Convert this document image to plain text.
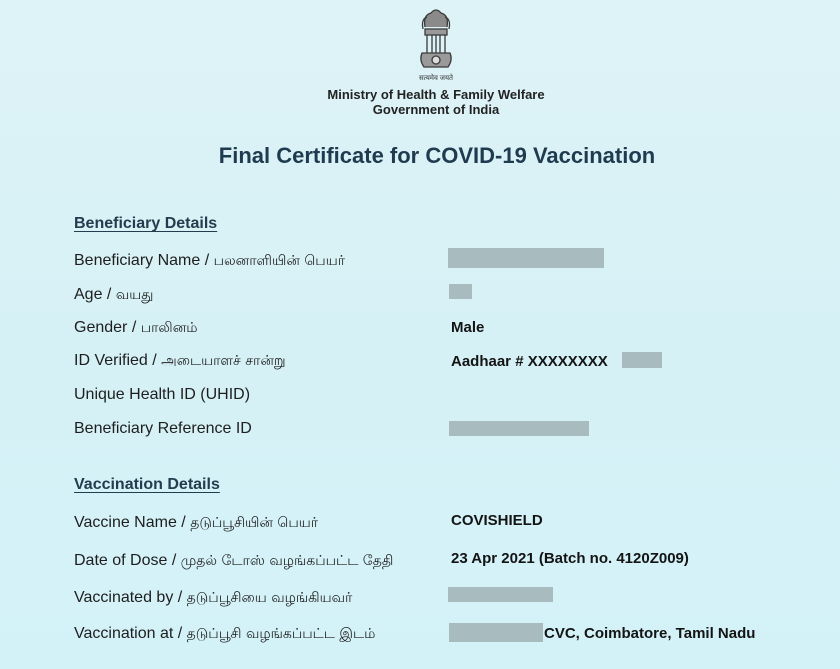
सत्यमेव जयते
Ministry of Health & Family Welfare
Government of India
Final Certificate for COVID-19 Vaccination
Beneficiary Details
Beneficiary Name / பலனாளியின் பெயர்
Age / வயது
Gender / பாலினம்	Male
ID Verified / அடையாளச் சான்று	Aadhaar # XXXXXXXX
Unique Health ID (UHID)
Beneficiary Reference ID
Vaccination Details
Vaccine Name / தடுப்பூசியின் பெயர்	COVISHIELD
Date of Dose / முதல் டோஸ் வழங்கப்பட்ட தேதி	23 Apr 2021 (Batch no. 4120Z009)
Vaccinated by / தடுப்பூசியை வழங்கியவர்
Vaccination at / தடுப்பூசி வழங்கப்பட்ட இடம்	CVC, Coimbatore, Tamil Nadu
